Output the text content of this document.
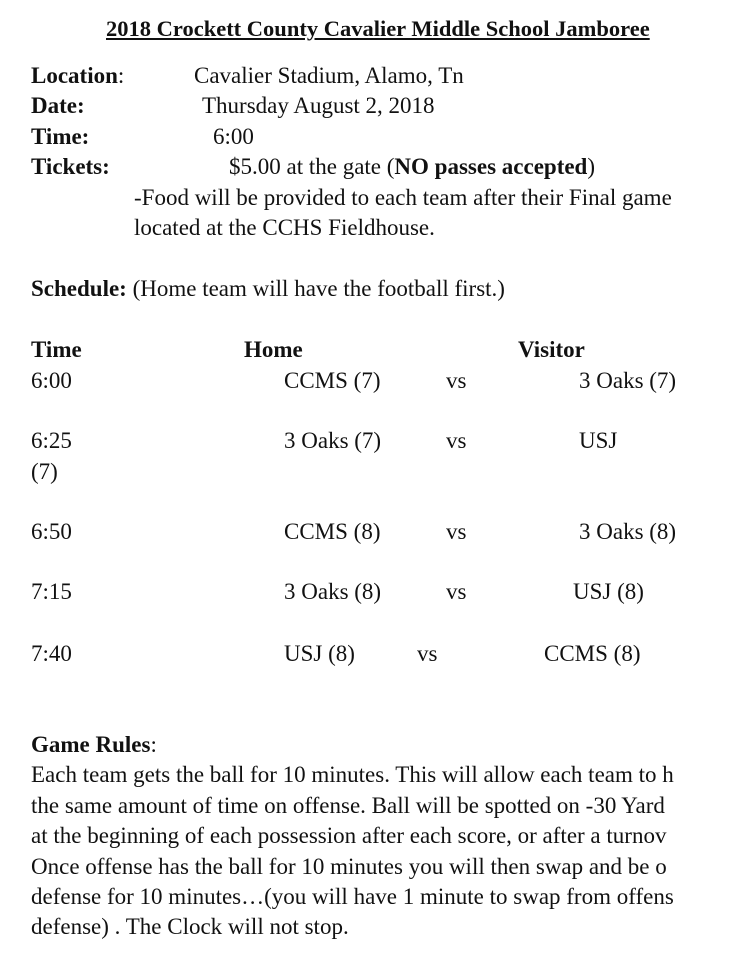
2018 Crockett County Cavalier Middle School Jamboree
Location:	Cavalier Stadium, Alamo, Tn
Date:	Thursday August 2, 2018
Time:	6:00
Tickets:	$5.00 at the gate (NO passes accepted)
-Food will be provided to each team after their Final game
located at the CCHS Fieldhouse.
Schedule: (Home team will have the football first.)
Time	Home	Visitor
6:00	CCMS (7)	vs	3 Oaks (7)
6:25	3 Oaks (7)	vs	USJ
(7)
6:50	CCMS (8)	vs	3 Oaks (8)
7:15	3 Oaks (8)	vs	USJ (8)
7:40	USJ (8)	vs	CCMS (8)
Game Rules:
Each team gets the ball for 10 minutes. This will allow each team to h
the same amount of time on offense. Ball will be spotted on -30 Yard
at the beginning of each possession after each score, or after a turnov
Once offense has the ball for 10 minutes you will then swap and be o
defense for 10 minutes…(you will have 1 minute to swap from offens
defense) . The Clock will not stop.
